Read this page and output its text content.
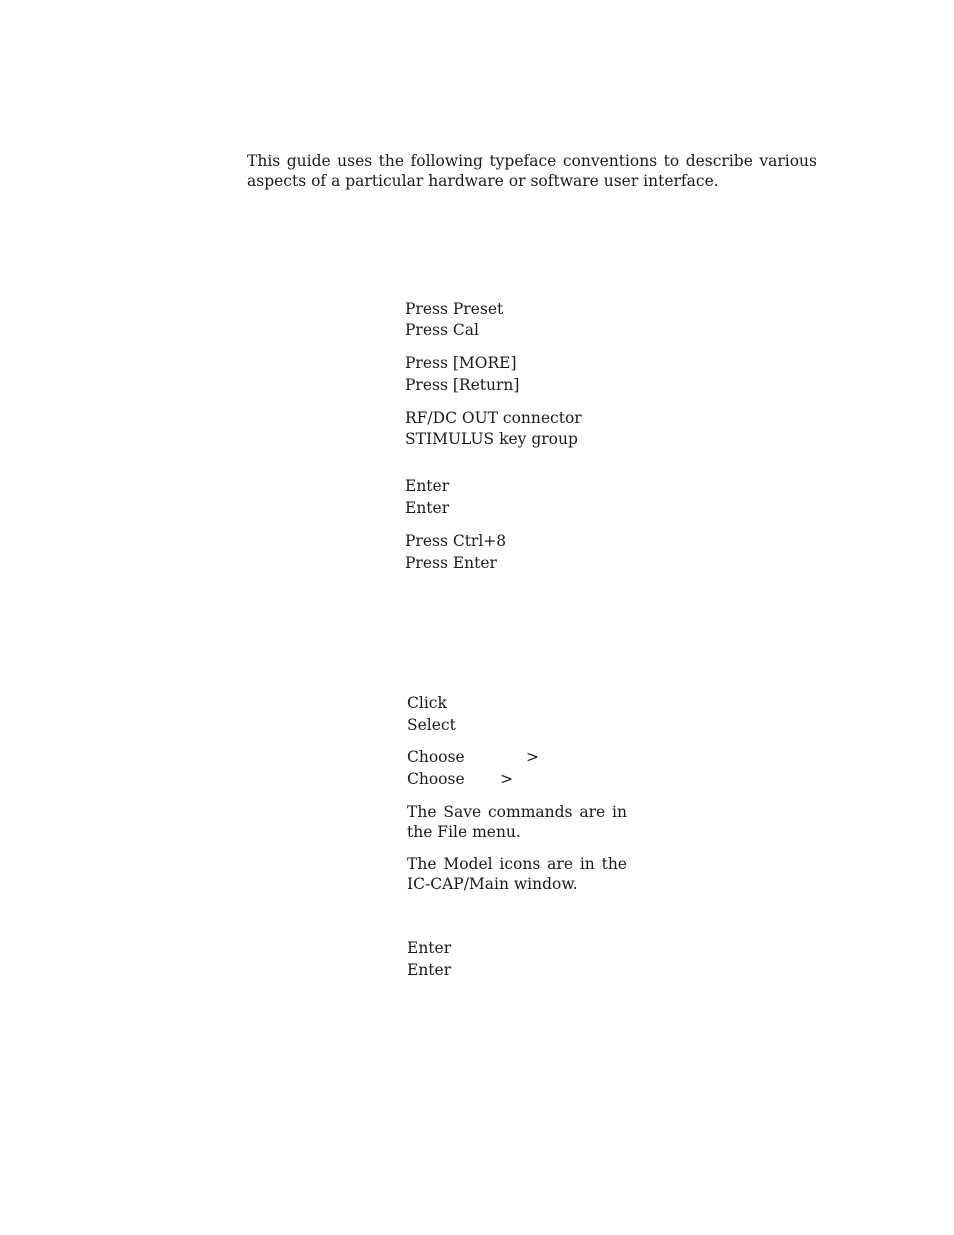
This guide uses the following typeface conventions to describe various
aspects of a particular hardware or software user interface.
Press Preset
Press Cal
Press [MORE]
Press [Return]
RF/DC OUT connector
STIMULUS key group
Enter
Enter
Press Ctrl+8
Press Enter
Click
Select
Choose	>
Choose >
The Save commands are in
the File menu.
The Model icons are in the
IC-CAP/Main window.
Enter
Enter
